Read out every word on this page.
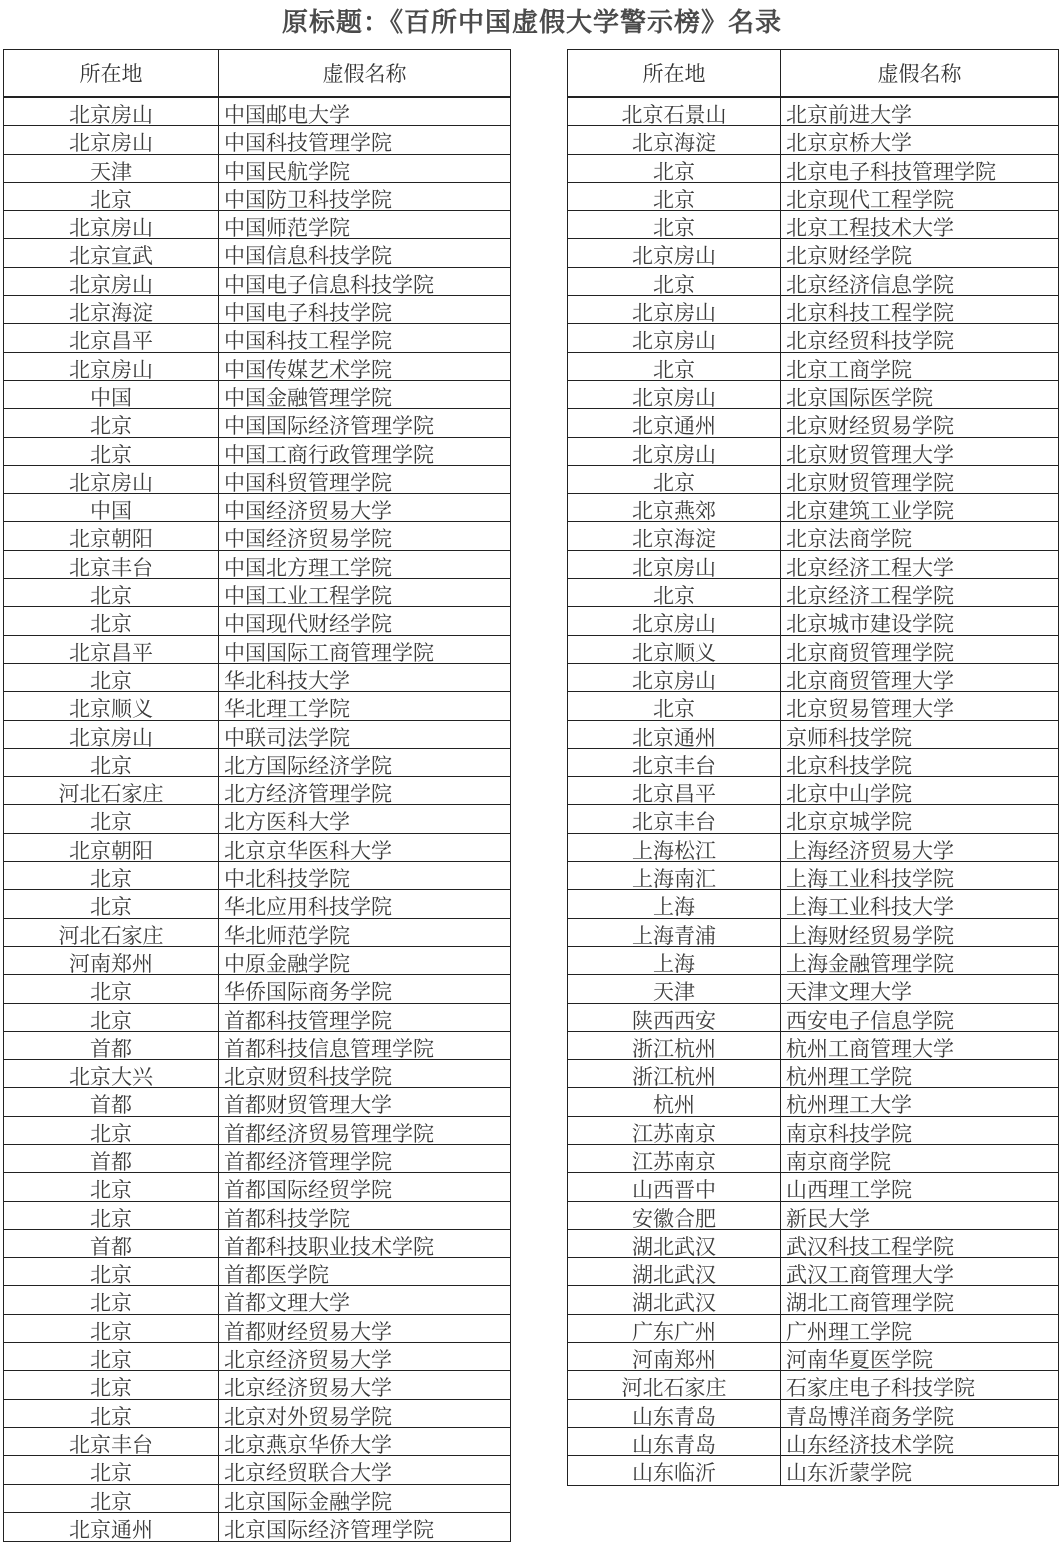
原标题：《百所中国虚假大学警示榜》名录
所在地	虚假名称
北京房山	中国邮电大学
北京房山	中国科技管理学院
天津	中国民航学院
北京	中国防卫科技学院
北京房山	中国师范学院
北京宣武	中国信息科技学院
北京房山	中国电子信息科技学院
北京海淀	中国电子科技学院
北京昌平	中国科技工程学院
北京房山	中国传媒艺术学院
中国	中国金融管理学院
北京	中国国际经济管理学院
北京	中国工商行政管理学院
北京房山	中国科贸管理学院
中国	中国经济贸易大学
北京朝阳	中国经济贸易学院
北京丰台	中国北方理工学院
北京	中国工业工程学院
北京	中国现代财经学院
北京昌平	中国国际工商管理学院
北京	华北科技大学
北京顺义	华北理工学院
北京房山	中联司法学院
北京	北方国际经济学院
河北石家庄	北方经济管理学院
北京	北方医科大学
北京朝阳	北京京华医科大学
北京	中北科技学院
北京	华北应用科技学院
河北石家庄	华北师范学院
河南郑州	中原金融学院
北京	华侨国际商务学院
北京	首都科技管理学院
首都	首都科技信息管理学院
北京大兴	北京财贸科技学院
首都	首都财贸管理大学
北京	首都经济贸易管理学院
首都	首都经济管理学院
北京	首都国际经贸学院
北京	首都科技学院
首都	首都科技职业技术学院
北京	首都医学院
北京	首都文理大学
北京	首都财经贸易大学
北京	北京经济贸易大学
北京	北京经济贸易大学
北京	北京对外贸易学院
北京丰台	北京燕京华侨大学
北京	北京经贸联合大学
北京	北京国际金融学院
北京通州	北京国际经济管理学院
所在地	虚假名称
北京石景山	北京前进大学
北京海淀	北京京桥大学
北京	北京电子科技管理学院
北京	北京现代工程学院
北京	北京工程技术大学
北京房山	北京财经学院
北京	北京经济信息学院
北京房山	北京科技工程学院
北京房山	北京经贸科技学院
北京	北京工商学院
北京房山	北京国际医学院
北京通州	北京财经贸易学院
北京房山	北京财贸管理大学
北京	北京财贸管理学院
北京燕郊	北京建筑工业学院
北京海淀	北京法商学院
北京房山	北京经济工程大学
北京	北京经济工程学院
北京房山	北京城市建设学院
北京顺义	北京商贸管理学院
北京房山	北京商贸管理大学
北京	北京贸易管理大学
北京通州	京师科技学院
北京丰台	北京科技学院
北京昌平	北京中山学院
北京丰台	北京京城学院
上海松江	上海经济贸易大学
上海南汇	上海工业科技学院
上海	上海工业科技大学
上海青浦	上海财经贸易学院
上海	上海金融管理学院
天津	天津文理大学
陕西西安	西安电子信息学院
浙江杭州	杭州工商管理大学
浙江杭州	杭州理工学院
杭州	杭州理工大学
江苏南京	南京科技学院
江苏南京	南京商学院
山西晋中	山西理工学院
安徽合肥	新民大学
湖北武汉	武汉科技工程学院
湖北武汉	武汉工商管理大学
湖北武汉	湖北工商管理学院
广东广州	广州理工学院
河南郑州	河南华夏医学院
河北石家庄	石家庄电子科技学院
山东青岛	青岛博洋商务学院
山东青岛	山东经济技术学院
山东临沂	山东沂蒙学院
